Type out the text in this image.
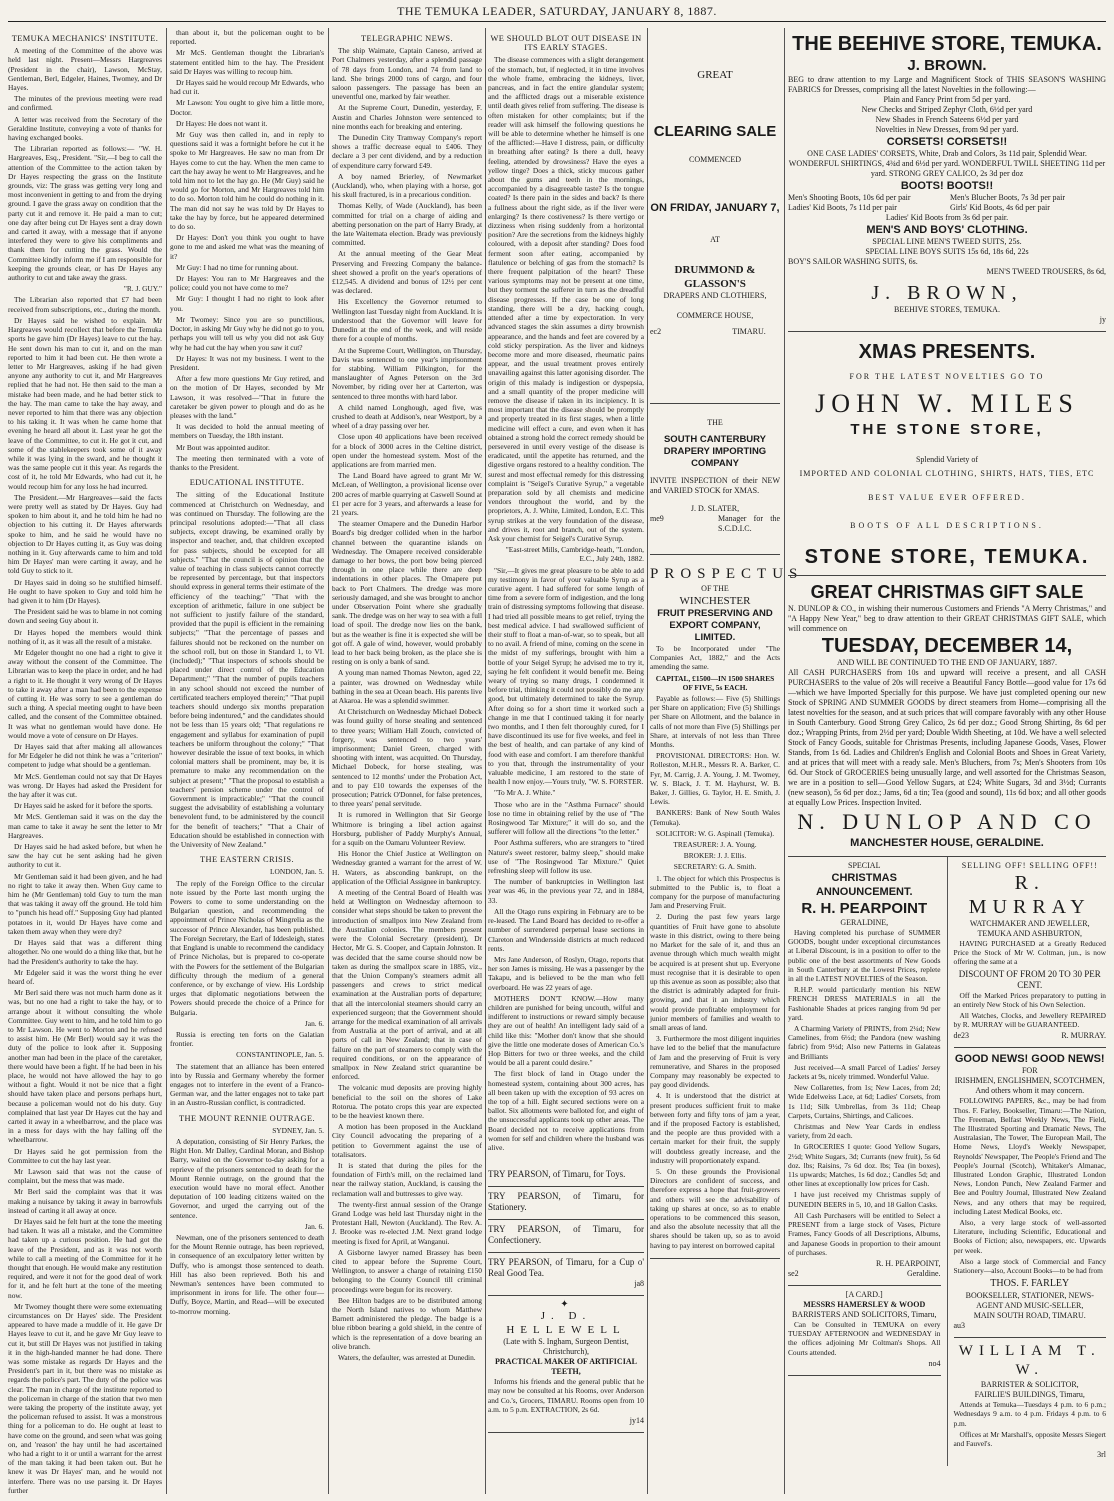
THE TEMUKA LEADER, SATURDAY, JANUARY 8, 1887.
TEMUKA MECHANICS' INSTITUTE.

A meeting of the Committee of the above was held last night. Present—Messrs Hargreaves (President in the chair), Lawson, McStay, Gentleman, Berl, Edgeler, Haines, Twomey, and Dr Hayes.

The minutes of the previous meeting were read and confirmed.

A letter was received from the Secretary of the Geraldine Institute, conveying a vote of thanks for having exchanged books.

The Librarian reported as follows:— "W. H. Hargreaves, Esq., President. "Sir,—I beg to call the attention of the Committee to the action taken by Dr Hayes respecting the grass on the Institute grounds, viz: The grass was getting very long and most inconvenient in getting to and from the drying ground. I gave the grass away on condition that the party cut it and remove it. He paid a man to cut; one day after being cut Dr Hayes sent a dray down and carted it away, with a message that if anyone interfered they were to give his compliments and thank them for cutting the grass. Would the Committee kindly inform me if I am responsible for keeping the grounds clear, or has Dr Hayes any authority to cut and take away the grass.

"R. J. GUY."

The Librarian also reported that £7 had been received from subscriptions, etc., during the month.

Dr Hayes said he wished to explain. Mr Hargreaves would recollect that before the Temuka sports he gave him (Dr Hayes) leave to cut the hay. He sent down his man to cut it, and on the man reported to him it had been cut. He then wrote a letter to Mr Hargreaves, asking if he had given anyone any authority to cut it, and Mr Hargreaves replied that he had not. He then said to the man a mistake had been made, and he had better stick to the hay. The man came to take the hay away, and never reported to him that there was any objection to his taking it. It was when he came home that evening he heard all about it. Last year he got the leave of the Committee, to cut it. He got it cut, and some of the stablekeepers took some of it away while it was lying in the sward, and he thought it was the same people cut it this year. As regards the cost of it, he told Mr Edwards, who had cut it, he would recoup him for any loss he had incurred.

The President.—Mr Hargreaves—said the facts were pretty well as stated by Dr Hayes. Guy had spoken to him about it, and he told him he had no objection to his cutting it. Dr Hayes afterwards spoke to him, and he said he would have no objection to Dr Hayes cutting it, as Guy was doing nothing in it. Guy afterwards came to him and told him Dr Hayes' man were carting it away, and he told Guy to stick to it.

Dr Hayes said in doing so he stultified himself. He ought to have spoken to Guy and told him he had given it to him (Dr Hayes).

The President said he was to blame in not coming down and seeing Guy about it.

Dr Hayes hoped the members would think nothing of it, as it was all the result of a mistake.

Mr Edgeler thought no one had a right to give it away without the consent of the Committee. The Librarian was to keep the place in order, and he had a right to it. He thought it very wrong of Dr Hayes to take it away after a man had been to the expense of cutting it. He was sorry to see a gentleman do such a thing. A special meeting ought to have been called, and the consent of the Committee obtained. It was what no gentleman would have done. He would move a vote of censure on Dr Hayes.

Dr Hayes said that after making all allowances for Mr Edgeler he did not think he was a "criterion" competent to judge what should be a gentleman.

Mr McS. Gentleman could not say that Dr Hayes was wrong. Dr Hayes had asked the President for the hay after it was cut.

Dr Hayes said he asked for it before the sports.

Mr McS. Gentleman said it was on the day the man came to take it away he sent the letter to Mr Hargreaves.

Dr Hayes said he had asked before, but when he saw the hay cut he sent asking had he given authority to cut it.

Mr Gentleman said it had been given, and he had no right to take it away then. When Guy came to him he (Mr Gentleman) told Guy to turn the man that was taking it away off the ground. He told him to "punch his head off." Supposing Guy had planted potatoes in it, would Dr Hayes have come and taken them away when they were dry?

Dr Hayes said that was a different thing altogether. No one would do a thing like that, but he had the President's authority to take the hay.

Mr Edgeler said it was the worst thing he ever heard of.

Mr Berl said there was not much harm done as it was, but no one had a right to take the hay, or to arrange about it without consulting the whole Committee. Guy went to him, and he told him to go to Mr Lawson. He went to Morton and he refused to assist him. He (Mr Berl) would say it was the duty of the police to look after it. Supposing another man had been in the place of the caretaker, there would have been a fight. If he had been in his place, he would not have allowed the hay to go without a fight. Would it not be nice that a fight should have taken place and persons perhaps hurt, because a policeman would not do his duty. Guy complained that last year Dr Hayes cut the hay and carted it away in a wheelbarrow, and the place was in a mess for days with the hay falling off the wheelbarrow.

Dr Hayes said he got permission from the Committee to cut the hay last year.

Mr Lawson said that was not the cause of complaint, but the mess that was made.

Mr Berl said the complaint was that it was making a nuisance by taking it away in barrowfuls instead of carting it all away at once.

Dr Hayes said he felt hurt at the tone the meeting had taken. It was all a mistake, and the Committee had taken up a curious position. He had got the leave of the President, and as it was not worth while to call a meeting of the Committee for it he thought that enough. He would make any restitution required, and were it not for the good deal of work for it, and he felt hurt at the tone of the meeting now.

Mr Twomey thought there were some extenuating circumstances on Dr Hayes' side. The President appeared to have made a muddle of it. He gave Dr Hayes leave to cut it, and he gave Mr Guy leave to cut it, but still Dr Hayes was not justified in taking it in the high-handed manner he had done. There was some mistake as regards Dr Hayes and the President's part in it, but there was no mistake as regards the police's part. The duty of the police was clear. The man in charge of the institute reported to the policeman in charge of the station that two men were taking the property of the institute away, yet the policeman refused to assist. It was a monstrous thing for a policeman to do. He ought at least to have come on the ground, and seen what was going on, and 'reason' the hay until he had ascertained who had a right to it or until a warrant for the arrest of the man taking it had been taken out. But he knew it was Dr Hayes' man, and he would not interfere. There was no use parsing it. Dr Hayes further

than about it, but the policeman ought to be reported.

Mr McS. Gentleman thought the Librarian's statement entitled him to the hay. The President said Dr Hayes was willing to recoup him.

Dr Hayes said he would recoup Mr Edwards, who had cut it.

Mr Lawson: You ought to give him a little more, Doctor.

Dr Hayes: He does not want it.

Mr Guy was then called in, and in reply to questions said it was a fortnight before he cut it he spoke to Mr Hargreaves. He saw no man from Dr Hayes come to cut the hay. When the men came to cart the hay away he went to Mr Hargreaves, and he told him not to let the hay go. He (Mr Guy) said he would go for Morton, and Mr Hargreaves told him to do so. Morton told him he could do nothing in it. The man did not say he was told by Dr Hayes to take the hay by force, but he appeared determined to do so.

Dr Hayes: Don't you think you ought to have gone to me and asked me what was the meaning of it?

Mr Guy: I had no time for running about.

Dr Hayes: You ran to Mr Hargreaves and the police; could you not have come to me?

Mr Guy: I thought I had no right to look after you.

Mr Twomey: Since you are so punctilious, Doctor, in asking Mr Guy why he did not go to you, perhaps you will tell us why you did not ask Guy why he had cut the hay when you saw it cut?

Dr Hayes: It was not my business. I went to the President.

After a few more questions Mr Guy retired, and on the motion of Dr Hayes, seconded by Mr Lawson, it was resolved—"That in future the caretaker be given power to plough and do as he pleases with the land."

It was decided to hold the annual meeting of members on Tuesday, the 18th instant.

Mr Bout was appointed auditor.

The meeting then terminated with a vote of thanks to the President.

EDUCATIONAL INSTITUTE.

The sitting of the Educational Institute commenced at Christchurch on Wednesday, and was continued on Thursday. The following are the principal resolutions adopted:—"That all class subjects, except drawing, be examined orally by inspector and teacher, and, that children excepted for pass subjects, should be excepted for all subjects." "That the council is of opinion that the value of teaching in class subjects cannot correctly be represented by percentage, but that inspectors should express in general terms their estimate of the efficiency of the teaching;" "That with the exception of arithmetic, failure in one subject be not sufficient to justify failure of the standard, provided that the pupil is efficient in the remaining subjects;" "That the percentage of passes and failures should not be reckoned on the number on the school roll, but on those in Standard 1, to VI. (included);" "That inspectors of schools should be placed under direct control of the Education Department;" "That the number of pupils teachers in any school should not exceed the number of certificated teachers employed therein;" "That pupil teachers should undergo six months preparation before being indentured," and the candidates should not be less than 15 years old; "That regulations re engagement and syllabus for examination of pupil teachers be uniform throughout the colony;" "That however desirable the issue of text books, in which colonial matters shall be prominent, may be, it is premature to make any recommendation on the subject at present;" "That the proposal to establish a teachers' pension scheme under the control of Government is impracticable;" "That the council suggest the advisability of establishing a voluntary benevolent fund, to be administered by the council for the benefit of teachers;" "That a Chair of Education should be established in connection with the University of New Zealand."

THE EASTERN CRISIS.

LONDON, Jan. 5.

The reply of the Foreign Office to the circular note issued by the Porte last month urging the Powers to come to some understanding on the Bulgarian question, and recommending the appointment of Prince Nicholas of Mingrelia as the successor of Prince Alexander, has been published. The Foreign Secretary, the Earl of Iddesleigh, states that England is unable to recommend the candidacy of Prince Nicholas, but is prepared to co-operate with the Powers for the settlement of the Bulgarian difficulty through the medium of a general conference, or by exchange of view. His Lordship urges that diplomatic negotiations between the Powers should precede the choice of a Prince for Bulgaria.

Jan. 6.

Russia is erecting ten forts on the Galatian frontier.

CONSTANTINOPLE, Jan. 5.

The statement that an alliance has been entered into by Russia and Germany whereby the former engages not to interfere in the event of a Franco-German war, and the latter engages not to take part in an Austro-Russian conflict, is contradicted.

THE MOUNT RENNIE OUTRAGE.

SYDNEY, Jan. 5.

A deputation, consisting of Sir Henry Parkes, the Right Hon. Mr Dalley, Cardinal Moran, and Bishop Barry, waited on the Governor to-day asking for a reprieve of the prisoners sentenced to death for the Mount Rennie outrage, on the ground that the execution would have no moral effect. Another deputation of 100 leading citizens waited on the Governor, and urged the carrying out of the sentence.

Jan. 6.

Newman, one of the prisoners sentenced to death for the Mount Rennie outrage, has been reprieved, in consequence of an exculpatory letter written by Duffy, who is amongst those sentenced to death. Hill has also been reprieved. Both his and Newman's sentences have been commuted to imprisonment in irons for life. The other four—Duffy, Boyce, Martin, and Read—will be executed to-morrow morning.

TELEGRAPHIC NEWS.

The ship Waimate, Captain Caneso, arrived at Port Chalmers yesterday, after a splendid passage of 78 days from London, and 74 from land to land. She brings 2000 tons of cargo, and four saloon passengers. The passage has been an uneventful one, marked by fair weather.

At the Supreme Court, Dunedin, yesterday, F. Austin and Charles Johnston were sentenced to nine months each for breaking and entering.

The Dunedin City Tramway Company's report shows a traffic decrease equal to £406. They declare a 3 per cent dividend, and by a reduction of expenditure carry forward £49.

A boy named Brierley, of Newmarket (Auckland), who, when playing with a horse, got his skull fractured, is in a precarious condition.

Thomas Kelly, of Wade (Auckland), has been committed for trial on a charge of aiding and abetting personation on the part of Harry Brady, at the late Waitemata election. Brady was previously committed.

At the annual meeting of the Gear Meat Preserving and Freezing Company the balance-sheet showed a profit on the year's operations of £12,545. A dividend and bonus of 12½ per cent was declared.

His Excellency the Governor returned to Wellington last Tuesday night from Auckland. It is understood that the Governor will leave for Dunedin at the end of the week, and will reside there for a couple of months.

At the Supreme Court, Wellington, on Thursday, Davis was sentenced to one year's imprisonment for stabbing. William Pilkington, for the manslaughter of Agnes Peterson on the 3rd November, by riding over her at Carterton, was sentenced to three months with hard labor.

A child named Longhough, aged five, was crushed to death at Addison's, near Westport, by a wheel of a dray passing over her.

Close upon 40 applications have been received for a block of 3000 acres in the Celtine district, open under the homestead system. Most of the applications are from married men.

The Land Board have agreed to grant Mr W. McLean, of Wellington, a provisional license over 200 acres of marble quarrying at Caswell Sound at £1 per acre for 3 years, and afterwards a lease for 21 years.

The steamer Omapere and the Dunedin Harbor Board's big dredger collided when in the harbor channel between the quarantine islands on Wednesday. The Omapere received considerable damage to her bows, the port bow being pierced through in one place while there are deep indentations in other places. The Omapere put back to Port Chalmers. The dredge was more seriously damaged, and she was brought to anchor under Observation Point where she gradually sank. The dredge was on her way to sea with a full load of spoil. The dredge now lies on the bank, but as the weather is fine it is expected she will be got off. A gale of wind, however, would probably lead to her back being broken, as the place she is resting on is only a bank of sand.

A young man named Thomas Newton, aged 22, a painter, was drowned on Wednesday while bathing in the sea at Ocean beach. His parents live at Akaroa. He was a splendid swimmer.

At Christchurch on Wednesday Michael Dobeck was found guilty of horse stealing and sentenced to three years; William Hall Zouch, convicted of forgery, was sentenced to two years' imprisonment; Daniel Green, charged with shooting with intent, was acquitted. On Thursday, Michael Dobeck, for horse stealing, was sentenced to 12 months' under the Probation Act, and to pay £10 towards the expenses of the prosecution; Patrick O'Donnel, for false pretences, to three years' penal servitude.

It is rumored in Wellington that Sir George Whitmore is bringing a libel action against Horsburg, publisher of Paddy Murphy's Annual, for a squib on the Oamaru Volunteer Review.

His Honor the Chief Justice at Wellington on Wednesday granted a warrant for the arrest of W. H. Waters, as absconding bankrupt, on the application of the Official Assignee in bankruptcy.

A meeting of the Central Board of Health was held at Wellington on Wednesday afternoon to consider what steps should be taken to prevent the introduction of smallpox into New Zealand from the Australian colonies. The members present were the Colonial Secretary (president), Dr Hector, Mr G. S. Cooper, and Captain Johnston. It was decided that the same course should now be taken as during the smallpox scare in 1885, viz., that the Union Company's steamers admit all passengers and crews to strict medical examination at the Australian ports of departure; that all the intercolonial steamers should carry an experienced surgeon; that the Government should arrange for the medical examination of all arrivals from Australia at the port of arrival, and at all ports of call in New Zealand; that in case of failure on the part of steamers to comply with the required conditions, or on the appearance of smallpox in New Zealand strict quarantine be enforced.

The volcanic mud deposits are proving highly beneficial to the soil on the shores of Lake Rotorua. The potato crops this year are expected to be the heaviest known there.

A motion has been proposed in the Auckland City Council advocating the preparing of a petition to Government against the use of totalisators.

It is stated that during the piles for the foundation of Firth's mill, on the reclaimed land near the railway station, Auckland, is causing the reclamation wall and buttresses to give way.

The twenty-first annual session of the Orange Grand Lodge was held last Thursday night in the Protestant Hall, Newton (Auckland). The Rev. A. J. Brooke was re-elected J.M. Next grand lodge meeting is fixed for April, at Wanganui.

A Gisborne lawyer named Brassey has been cited to appear before the Supreme Court, Wellington, to answer a charge of retaining £150 belonging to the County Council till criminal proceedings were begun for its recovery.

Bee Hilton badges are to be distributed among the North Island natives to whom Matthew Barnett administered the pledge. The badge is a blue ribbon bearing a gold shield, in the centre of which is the representation of a dove bearing an olive branch.

Waters, the defaulter, was arrested at Dunedin.

WE SHOULD BLOT OUT DISEASE IN ITS EARLY STAGES.

The disease commences with a slight derangement of the stomach, but, if neglected, it in time involves the whole frame, embracing the kidneys, liver, pancreas, and in fact the entire glandular system; and the afflicted drags out a miserable existence until death gives relief from suffering. The disease is often mistaken for other complaints; but if the reader will ask himself the following questions he will be able to determine whether he himself is one of the afflicted:—Have I distress, pain, or difficulty in breathing after eating? Is there a dull, heavy feeling, attended by drowsiness? Have the eyes a yellow tinge? Does a thick, sticky mucous gather about the gums and teeth in the mornings, accompanied by a disagreeable taste? Is the tongue coated? Is there pain in the sides and back? Is there a fullness about the right side, as if the liver were enlarging? Is there costiveness? Is there vertigo or dizziness when rising suddenly from a horizontal position? Are the secretions from the kidneys highly coloured, with a deposit after standing? Does food ferment soon after eating, accompanied by flatulence or belching of gas from the stomach? Is there frequent palpitation of the heart? These various symptoms may not be present at one time, but they torment the sufferer in turn as the dreadful disease progresses. If the case be one of long standing, there will be a dry, hacking cough, attended after a time by expectoration. In very advanced stages the skin assumes a dirty brownish appearance, and the hands and feet are covered by a cold sticky perspiration. As the liver and kidneys become more and more diseased, rheumatic pains appear, and the usual treatment proves entirely unavailing against this latter agonising disorder. The origin of this malady is indigestion or dyspepsia, and a small quantity of the proper medicine will remove the disease if taken in its incipiency. It is most important that the disease should be promptly and properly treated in its first stages, when a little medicine will effect a cure, and even when it has obtained a strong hold the correct remedy should be persevered in until every vestige of the disease is eradicated, until the appetite has returned, and the digestive organs restored to a healthy condition. The surest and most effectual remedy for this distressing complaint is "Seigel's Curative Syrup," a vegetable preparation sold by all chemists and medicine vendors throughout the world, and by the proprietors, A. J. White, Limited, London, E.C. This syrup strikes at the very foundation of the disease, and drives it, root and branch, out of the system. Ask your chemist for Seigel's Curative Syrup.

"East-street Mills, Cambridge-heath, "London, E.C., July 24th, 1882.

"Sir,—It gives me great pleasure to be able to add my testimony in favor of your valuable Syrup as a curative agent. I had suffered for some length of time from a severe form of indigestion, and the long train of distressing symptoms following that disease. I had tried all possible means to get relief, trying the best medical advice. I had swallowed sufficient of their stuff to float a man-of-war, so to speak, but all to no avail. A friend of mine, coming on the scene in the midst of my sufferings, brought with him a bottle of your Seigel Syrup; he advised me to try it, saying he felt confident it would benefit me. Being weary of trying so many drugs, I condemned it before trial, thinking it could not possibly do me any good, but ultimately determined to take the Syrup. After doing so for a short time it worked such a change in me that I continued taking it for nearly two months, and I then felt thoroughly cured, for I have discontinued its use for five weeks, and feel in the best of health, and can partake of any kind of food with ease and comfort. I am therefore thankful to you that, through the instrumentality of your valuable medicine, I am restored to the state of health I now enjoy.—Yours truly, "W. S. FORSTER.

"To Mr A. J. White."

Those who are in the "Asthma Furnace" should lose no time in obtaining relief by the use of "The Rosingwood Tar Mixture;" it will do so, and the sufferer will follow all the directions "to the letter."

Poor Asthma sufferers, who are strangers to "tired Nature's sweet restorer, balmy sleep," should make use of "The Rosingwood Tar Mixture." Quiet refreshing sleep will follow its use.

The number of bankruptcies in Wellington last year was 46, in the previous year 72, and in 1884, 33.

All the Otago runs expiring in February are to be re-leased. The Land Board has decided to re-offer a number of surrendered perpetual lease sections in Clareton and Windersside districts at much reduced rents.

Mrs Jane Anderson, of Roslyn, Otago, reports that her son James is missing. He was a passenger by the Takapu, and is believed to be the man who fell overboard. He was 22 years of age.

MOTHERS DON'T KNOW.—How many children are punished for being uncouth, wilful and indifferent to instructions or reward simply because they are out of health! An intelligent lady said of a child like this: "Mother don't know that she should give the little one moderate doses of American Co.'s Hop Bitters for two or three weeks, and the child would be all a parent could desire."

The first block of land in Otago under the homestead system, containing about 300 acres, has all been taken up with the exception of 93 acres on the top of a hill. Eight secured sections were on a ballot. Six allotments were balloted for, and eight of the unsuccessful applicants took up other areas. The Board decided not to receive applications from women for self and children where the husband was alive.

GREAT
CLEARING SALE
COMMENCED
ON FRIDAY, JANUARY 7,
AT
DRUMMOND & GLASSON'S
DRAPERS AND CLOTHIERS,
COMMERCE HOUSE,
ec2	TIMARU.
THE
SOUTH CANTERBURY DRAPERY IMPORTING COMPANY
INVITE INSPECTION of their NEW and VARIED STOCK for XMAS.
J. D. SLATER,
me9	Manager for the S.C.D.I.C.
PROSPECTUS
OF THE
WINCHESTER
FRUIT PRESERVING AND EXPORT COMPANY, LIMITED.

To be Incorporated under "The Companies Act, 1882," and the Acts amending the same.

CAPITAL, £1500—IN 1500 SHARES OF FIVE, 5s EACH.

Payable as follows:— Five (5) Shillings per Share on application; Five (5) Shillings per Share on Allotment, and the balance in calls of not more than Five (5) Shillings per Share, at intervals of not less than Three Months.

PROVISIONAL DIRECTORS: Hon. W. Rolleston, M.H.R., Messrs R. A. Barker, C. Fyr, M. Carrig, J. A. Young, J. M. Twomey, W. S. Black, J. T. M. Hayhurst, W. B. Baker, J. Gillies, G. Taylor, H. E. Smith, J. Lewis.

BANKERS: Bank of New South Wales (Temuka).

SOLICITOR: W. G. Aspinall (Temuka).

TREASURER: J. A. Young.

BROKER: J. J. Ellis.

SECRETARY: G. A. Smith.

1. The object for which this Prospectus is submitted to the Public is, to float a company for the purpose of manufacturing Jam and Preserving Fruit.

2. During the past few years large quantities of Fruit have gone to absolute waste in this district, owing to there being no Market for the sale of it, and thus an avenue through which much wealth might be acquired is at present shut up. Everyone must recognise that it is desirable to open up this avenue as soon as possible; also that the district is admirably adapted for fruit-growing, and that it an industry which would provide profitable employment for junior members of families and wealth to small areas of land.

3. Furthermore the most diligent inquiries have led to the belief that the manufacture of Jam and the preserving of Fruit is very remunerative, and Shares in the proposed Company may reasonably be expected to pay good dividends.

4. It is understood that the district at present produces sufficient fruit to make between forty and fifty tons of jam a year, and if the proposed Factory is established, and the people are thus provided with a certain market for their fruit, the supply will doubtless greatly increase, and the industry will proportionately expand.

5. On these grounds the Provisional Directors are confident of success, and therefore express a hope that fruit-growers and others will see the advisability of taking up shares at once, so as to enable operations to be commenced this season, and also the absolute necessity that all the shares should be taken up, so as to avoid having to pay interest on borrowed capital

TRY PEARSON, of Timaru, for Toys.
TRY PEARSON, of Timaru, for Stationery.
TRY PEARSON, of Timaru, for Confectionery.
TRY PEARSON, of Timaru, for a Cup o' Real Good Tea.
ja8
✦
J. D. HELLEWELL
(Late with S. Ingham, Surgeon Dentist, Christchurch),
PRACTICAL MAKER OF ARTIFICIAL TEETH,

Informs his friends and the general public that he may now be consulted at his Rooms, over Anderson and Co.'s, Grocers, TIMARU. Rooms open from 10 a.m. to 5 p.m. EXTRACTION, 2s 6d.

jy14
THE BEEHIVE STORE, TEMUKA.
J. BROWN.
BEG to draw attention to my Large and Magnificent Stock of THIS SEASON'S WASHING FABRICS for Dresses, comprising all the latest Novelties in the following:—
Plain and Fancy Print from 5d per yard.
New Checks and Striped Zephyr Cloth, 6½d per yard
New Shades in French Sateens 6½d per yard
Novelties in New Dresses, from 9d per yard.
CORSETS! CORSETS!!
ONE CASE LADIES' CORSETS, White, Drab and Colors, 3s 11d pair, Splendid Wear.
WONDERFUL SHIRTINGS, 4¾d and 6½d per yard. WONDERFUL TWILL SHEETING 11d per yard. STRONG GREY CALICO, 2s 3d per doz
BOOTS! BOOTS!!
Men's Shooting Boots, 10s 6d per pair
Ladies' Kid Boots, 7s 11d per pair
Men's Blucher Boots, 7s 3d per pair
Girls' Kid Boots, 4s 6d per pair
Ladies' Kid Boots from 3s 6d per pair.
MEN'S AND BOYS' CLOTHING.
SPECIAL LINE MEN'S TWEED SUITS, 25s.
SPECIAL LINE BOYS SUITS 15s 6d, 18s 6d, 22s
BOY'S SAILOR WASHING SUITS, 6s.
MEN'S TWEED TROUSERS, 8s 6d,
J. BROWN,
BEEHIVE STORES, TEMUKA.
jy
XMAS PRESENTS.
FOR THE LATEST NOVELTIES GO TO
JOHN W. MILES
THE STONE STORE,
Splendid Variety of
IMPORTED AND COLONIAL CLOTHING, SHIRTS, HATS, TIES, ETC
BEST VALUE EVER OFFERED.
BOOTS OF ALL DESCRIPTIONS.
STONE STORE, TEMUKA.
GREAT CHRISTMAS GIFT SALE
N. DUNLOP & CO., in wishing their numerous Customers and Friends "A Merry Christmas," and "A Happy New Year," beg to draw attention to their GREAT CHRISTMAS GIFT SALE, which will commence on
TUESDAY, DECEMBER 14,
AND WILL BE CONTINUED TO THE END OF JANUARY, 1887.
All CASH PURCHASERS from 10s and upward will receive a present, and all CASH PURCHASERS to the value of 20s will receive a Beautiful Fancy Bottle—good value for 17s 6d—which we have Imported Specially for this purpose. We have just completed opening our new Stock of SPRING AND SUMMER GOODS by direct steamers from Home—comprising all the latest novelties for the season, and at such prices that will compare favorably with any other House in South Canterbury. Good Strong Grey Calico, 2s 6d per doz.; Good Strong Shirting, 8s 6d per doz.; Wrapping Prints, from 2½d per yard; Double Width Sheeting, at 10d. We have a well selected Stock of Fancy Goods, suitable for Christmas Presents, including Japanese Goods, Vases, Flower Stands, from 1s 6d. Ladies and Children's English and Colonial Boots and Shoes in Great Variety, and at prices that will meet with a ready sale. Men's Bluchers, from 7s; Men's Shooters from 10s 6d. Our Stock of GROCERIES being unusually large, and well assorted for the Christmas Season, we are in a position to sell—Good Yellow Sugars, at £24; White Sugars, 3d and 3½d; Currants (new season), 5s 6d per doz.; Jams, 6d a tin; Tea (good and sound), 11s 6d box; and all other goods at equally Low Prices. Inspection Invited.
N. DUNLOP AND CO
MANCHESTER HOUSE, GERALDINE.
SPECIAL
CHRISTMAS ANNOUNCEMENT.
R. H. PEARPOINT
GERALDINE,

Having completed his purchase of SUMMER GOODS, bought under exceptional circumstances at Liberal Discount, is in a position to offer to the public one of the best assortments of New Goods in South Canterbury at the Lowest Prices, replete in all the LATEST NOVELTIES of the Season.

R.H.P. would particularly mention his NEW FRENCH DRESS MATERIALS in all the Fashionable Shades at prices ranging from 9d per yard.

A Charming Variety of PRINTS, from 2¼d; New Camelines, from 6½d; the Pandora (new washing fabric) from 9½d; Also new Patterns in Galateas and Brilliants

Just received—A small Parcel of Ladies' Jersey Jackets at 9s, nicely trimmed. Wonderful Value.

New Collarettes, from 1s; New Laces, from 2d; Wide Edelweiss Lace, at 6d; Ladies' Corsets, from 1s 11d; Silk Umbrellas, from 3s 11d; Cheap Carpets, Curtains, Shirtings, and Calicoes.

Christmas and New Year Cards in endless variety, from 2d each.

In GROCERIES I quote: Good Yellow Sugars, 2½d; White Sugars, 3d; Currants (new fruit), 5s 6d doz. lbs; Raisins, 7s 6d doz. lbs; Tea (in boxes), 11s upwards; Matches, 1s 6d doz.; Candles 5d; and other lines at exceptionally low prices for Cash.

I have just received my Christmas supply of DUNEDIN BEERS in 5, 10, and 18 Gallon Casks.

All Cash Purchasers will be entitled to Select a PRESENT from a large stock of Vases, Picture Frames, Fancy Goods of all Descriptions, Albums, and Japanese Goods in proportion to their amount of purchases.

R. H. PEARPOINT,
se2	Geraldine.
[A CARD.]
MESSRS HAMERSLEY & WOOD
BARRISTERS AND SOLICITORS, Timaru,

Can be Consulted in TEMUKA on every TUESDAY AFTERNOON and WEDNESDAY in the offices adjoining Mr Coltman's Shops. All Courts attended.

no4
SELLING OFF! SELLING OFF!!
R. MURRAY
WATCHMAKER AND JEWELLER,
TEMUKA AND ASHBURTON,

HAVING PURCHASED at a Greatly Reduced Price the Stock of Mr W. Coltman, jun., is now offering the same at a

DISCOUNT OF FROM 20 TO 30 PER CENT.

Off the Marked Prices preparatory to putting in an entirely New Stock of his Own Selection.

All Watches, Clocks, and Jewellery REPAIRED by R. MURRAY will be GUARANTEED.

de23	R. MURRAY.
GOOD NEWS! GOOD NEWS!
FOR
IRISHMEN, ENGLISHMEN, SCOTCHMEN,
And others whom it may concern.

FOLLOWING PAPERS, &c., may be had from Thos. F. Farley, Bookseller, Timaru:—The Nation, The Freeman, Belfast Weekly News, The Field, The Illustrated Sporting and Dramatic News, The Australasian, The Tower, The European Mail, The Home News, Lloyd's Weekly Newspaper, Reynolds' Newspaper, The People's Friend and The People's Journal (Scotch), Whitaker's Almanac, Illustrated London Graphic, Illustrated London News, London Punch, New Zealand Farmer and Bee and Poultry Journal, Illustrated New Zealand News, and any others that may be required, including Latest Medical Books, etc.

Also, a very large stock of well-assorted Literature, including Scientific, Educational and Books of Fiction; also, newspapers, etc. Upwards per week.

Also a large stock of Commercial and Fancy Stationery—also, Account Books—to be had from

THOS. F. FARLEY
BOOKSELLER, STATIONER, NEWS-AGENT AND MUSIC-SELLER,
MAIN SOUTH ROAD, TIMARU.
au3
WILLIAM T. W.
BARRISTER & SOLICITOR,
FAIRLIE'S BUILDINGS, Timaru,

Attends at Temuka—Tuesdays 4 p.m. to 6 p.m.; Wednesdays 9 a.m. to 4 p.m. Fridays 4 p.m. to 6 p.m.

Offices at Mr Marshall's, opposite Messrs Siegert and Fauvel's.

3rl
